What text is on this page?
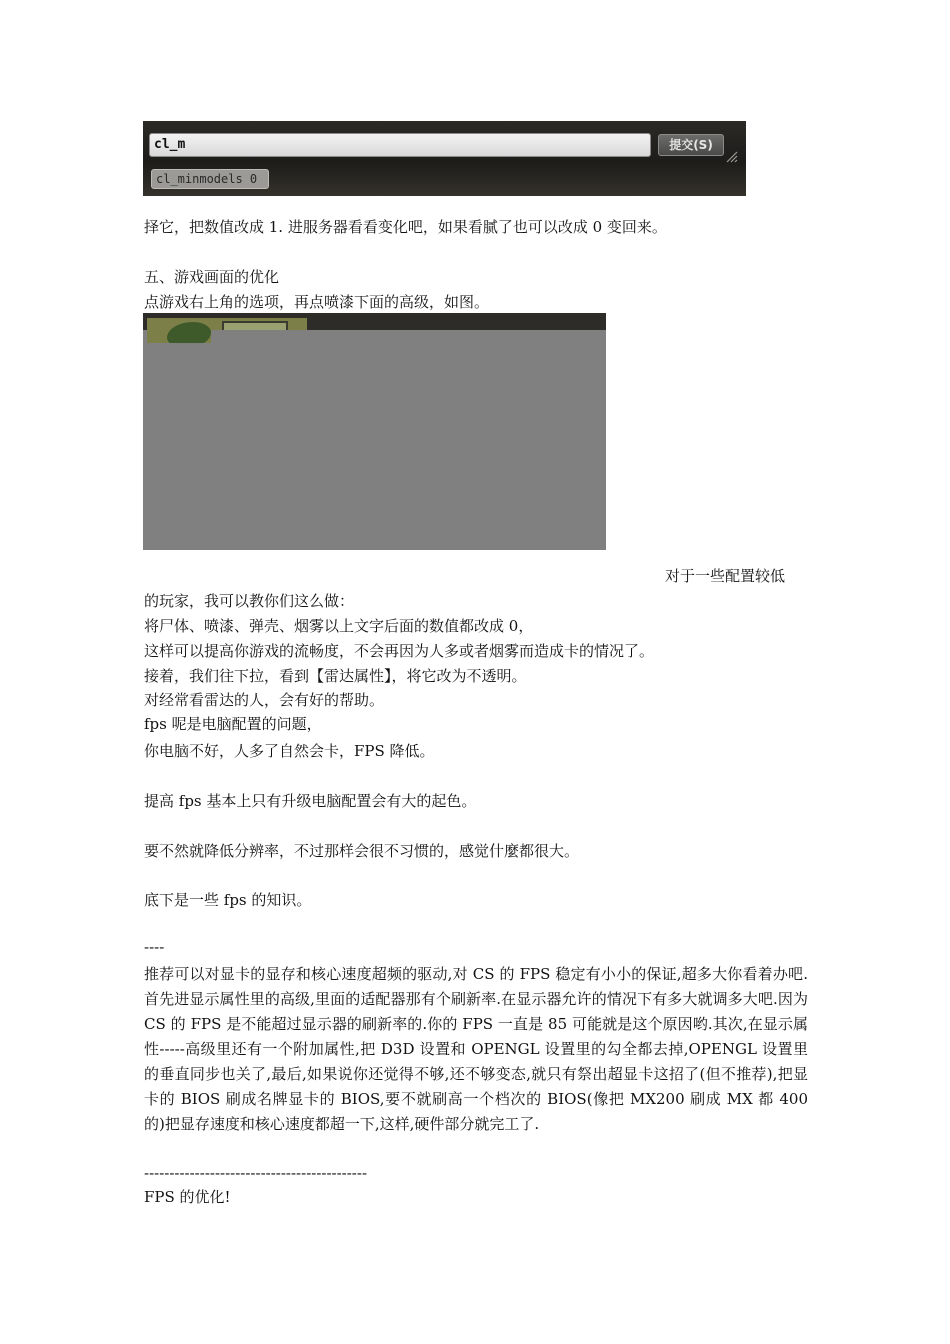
cl_m	提交(S)
cl_minmodels 0
择它，把数值改成 1. 进服务器看看变化吧，如果看腻了也可以改成 0 变回来。
五、游戏画面的优化
点游戏右上角的选项，再点喷漆下面的高级，如图。
对于一些配置较低
的玩家，我可以教你们这么做：
将尸体、喷漆、弹壳、烟雾以上文字后面的数值都改成 0，
这样可以提高你游戏的流畅度，不会再因为人多或者烟雾而造成卡的情况了。
接着，我们往下拉，看到【雷达属性】，将它改为不透明。
对经常看雷达的人，会有好的帮助。
fps 呢是电脑配置的问题，
你电脑不好，人多了自然会卡，FPS 降低。
提高 fps 基本上只有升级电脑配置会有大的起色。
要不然就降低分辨率，不过那样会很不习惯的，感觉什麼都很大。
底下是一些 fps 的知识。
----
推荐可以对显卡的显存和核心速度超频的驱动,对 CS 的 FPS 稳定有小小的保证,超多大你看着办吧.首先进显示属性里的高级,里面的适配器那有个刷新率.在显示器允许的情况下有多大就调多大吧.因为 CS 的 FPS 是不能超过显示器的刷新率的.你的 FPS 一直是 85 可能就是这个原因哟.其次,在显示属性-----高级里还有一个附加属性,把 D3D 设置和 OPENGL 设置里的勾全都去掉,OPENGL 设置里的垂直同步也关了,最后,如果说你还觉得不够,还不够变态,就只有祭出超显卡这招了(但不推荐),把显卡的 BIOS 刷成名牌显卡的 BIOS,要不就刷高一个档次的 BIOS(像把 MX200 刷成 MX 都 400 的)把显存速度和核心速度都超一下,这样,硬件部分就完工了.
--------------------------------------------
FPS 的优化!
